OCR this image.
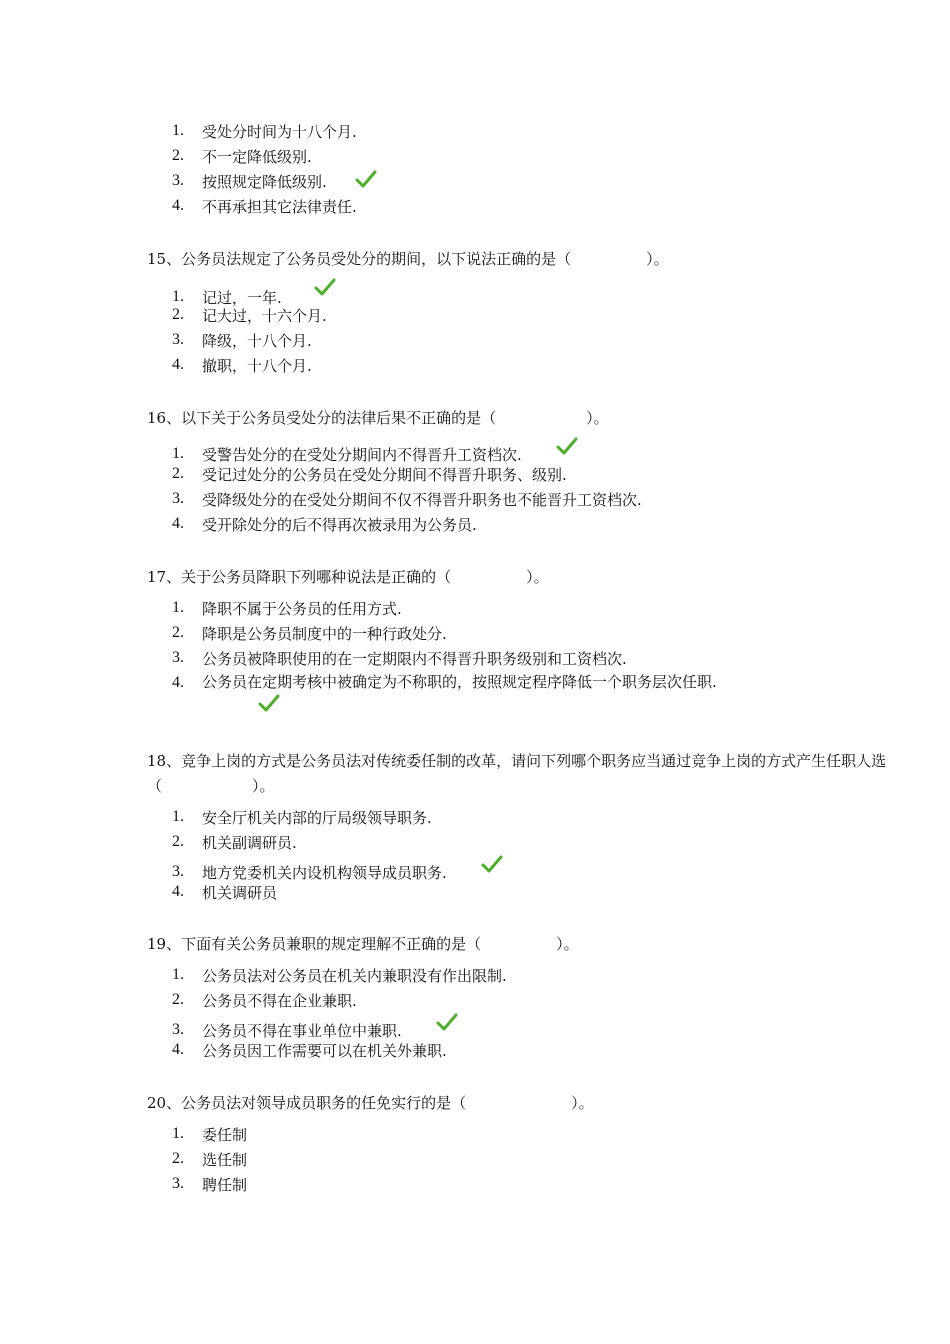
1. 受处分时间为十八个月.
2. 不一定降低级别.
3. 按照规定降低级别.
4. 不再承担其它法律责任.
15、公务员法规定了公务员受处分的期间，以下说法正确的是（　　　　　）。
1. 记过，一年.
2. 记大过，十六个月.
3. 降级，十八个月.
4. 撤职，十八个月.
16、以下关于公务员受处分的法律后果不正确的是（　　　　　　）。
1. 受警告处分的在受处分期间内不得晋升工资档次.
2. 受记过处分的公务员在受处分期间不得晋升职务、级别.
3. 受降级处分的在受处分期间不仅不得晋升职务也不能晋升工资档次.
4. 受开除处分的后不得再次被录用为公务员.
17、关于公务员降职下列哪种说法是正确的（　　　　　）。
1. 降职不属于公务员的任用方式.
2. 降职是公务员制度中的一种行政处分.
3. 公务员被降职使用的在一定期限内不得晋升职务级别和工资档次.
4. 公务员在定期考核中被确定为不称职的，按照规定程序降低一个职务层次任职.
18、竞争上岗的方式是公务员法对传统委任制的改革，请问下列哪个职务应当通过竞争上岗的方式产生任职人选（　　　　　　）。
1. 安全厅机关内部的厅局级领导职务.
2. 机关副调研员.
3. 地方党委机关内设机构领导成员职务.
4. 机关调研员
19、下面有关公务员兼职的规定理解不正确的是（　　　　　）。
1. 公务员法对公务员在机关内兼职没有作出限制.
2. 公务员不得在企业兼职.
3. 公务员不得在事业单位中兼职.
4. 公务员因工作需要可以在机关外兼职.
20、公务员法对领导成员职务的任免实行的是（　　　　　　　）。
1. 委任制
2. 选任制
3. 聘任制
